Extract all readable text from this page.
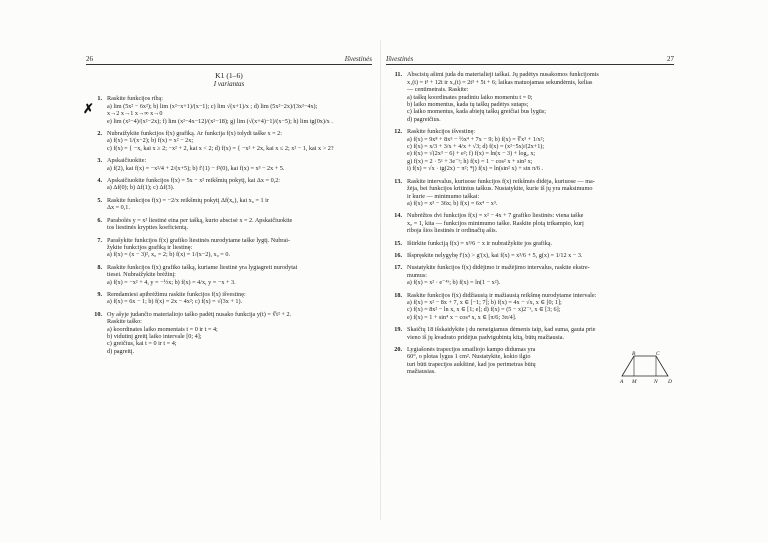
26	Išvestinės
K1 (1–6)
I variantas
✗
1. Raskite funkcijos ribą:
a) lim (5x² − 6x²); b) lim (x²−x+1)/(x−1); c) lim √(x+1)/x ; d) lim (5x²−2x)/(3x²−4x);
x→2 x→1 x→∞ x→0
e) lim (x²−4)/(x²−2x); f) lim (x²−4x−12)/(x²−18); g) lim (√(x+4)−1)/(x−5); h) lim tg(0x)/x .
2. Nubraižykite funkcijos f(x) grafiką. Ar funkcija f(x) tolydi taške x = 2:
a) f(x) = 1/(x−2); b) f(x) = x² − 2x;
c) f(x) = { −x, kai x ≥ 2; −x² + 2, kai x < 2; d) f(x) = { −x² + 2x, kai x ≤ 2; x² − 1, kai x > 2?
3. Apskaičiuokite:
a) f(2), kai f(x) = −x²/4 + 2/(x+5); b) f′(1) − f²(0), kai f(x) = x³ − 2x + 5.
4. Apskaičiuokite funkcijos f(x) = 5x − x² reikšmių pokytį, kai Δx = 0,2:
a) Δf(0); b) Δf(1); c) Δf(3).
5. Raskite funkcijos f(x) = −2/x reikšmių pokytį Δf(x₀), kai x₀ = 1 ir
Δx = 0,1.
6. Parabolės y = x² liestinė eina per tašką, kurio abscisė x = 2. Apskaičiuokite
tos liestinės krypties koeficientą.
7. Parašykite funkcijos f(x) grafiko liestinės nurodytame taške lygtį. Nubrai-
žykite funkcijos grafiką ir liestinę:
a) f(x) = (x − 3)², x₀ = 2; b) f(x) = 1/(x−2), x₀ = 0.
8. Raskite funkcijos f(x) grafiko tašką, kuriame liestinė yra lygiagreti nurodytai
tiesei. Nubraižykite brėžinį:
a) f(x) = −x² + 4, y = −½x; b) f(x) = 4/x, y = −x + 3.
9. Remdamiesi apibrėžimu raskite funkcijos f(x) išvestinę:
a) f(x) = 6x − 1; b) f(x) = 2x − 4x²; c) f(x) = √(3x + 1).
10. Oy ašyje judančio materialiojo taško padėtį nusako funkcija y(t) = ∛t² + 2.
Raskite taško:
a) koordinates laiko momentais t = 0 ir t = 4;
b) vidutinį greitį laiko intervale [0; 4];
c) greičius, kai t = 0 ir t = 4;
d) pagreitį.
Išvestinės	27
11. Abscisių ašimi juda du materialieji taškai. Jų padėtys nusakomos funkcijomis
x₁(t) = t³ + 12t ir x₂(t) = 2t³ + 5t + 6; laikas matuojamas sekundėmis, kelias
— centimetrais. Raskite:
a) taškų koordinates pradiniu laiko momentu t = 0;
b) laiko momentus, kada tų taškų padėtys sutaps;
c) laiko momentus, kada abiejų taškų greičiai bus lygūs;
d) pagreičius.
12. Raskite funkcijos išvestinę:
a) f(x) = 9x⁸ + 8x⁵ − ½x⁴ + 7x − 9; b) f(x) = ∜x³ + 1/x²;
c) f(x) = x/3 + 3/x + 4/x + √3; d) f(x) = (x²−5x)/(2x+1);
e) f(x) = √(2x³ − 6) + e²; f) f(x) = ln(x − 3) + log₂ x;
g) f(x) = 2 · 5ˣ + 3e⁻ˣ; h) f(x) = 1 − cos² x + sin² x;
i) f(x) = √x · tg(2x) − π²; *j) f(x) = ln(sin² x) + sin π/6 .
13. Raskite intervalus, kuriuose funkcijos f(x) reikšmės didėja, kuriuose — ma-
žėja, bei funkcijos kritinius taškus. Nustatykite, kurie iš jų yra maksimumo
ir kurie — minimumo taškai:
a) f(x) = x³ − 36x; b) f(x) = 6x⁴ − x³.
14. Nubrėžtos dvi funkcijos f(x) = x² − 4x + 7 grafiko liestinės: viena taške
x₀ = 1, kita — funkcijos minimumo taške. Raskite plotą trikampio, kurį
riboja šios liestinės ir ordinačių ašis.
15. Ištirkite funkciją f(x) = x³/6 − x ir nubraižykite jos grafiką.
16. Išspręskite nelygybę f′(x) > g′(x), kai f(x) = x³/6 + 5, g(x) = 1/12 x − 3.
17. Nustatykite funkcijos f(x) didėjimo ir mažėjimo intervalus, raskite ekstre-
mumus:
a) f(x) = x² · e⁻⁴ˣ; b) f(x) = ln(1 − x²).
18. Raskite funkcijos f(x) didžiausią ir mažiausią reikšmę nurodytame intervale:
a) f(x) = x² − 8x + 7, x ∈ [−1; 7]; b) f(x) = 4x − √x, x ∈ [0; 1];
c) f(x) = 8x² − ln x, x ∈ [1; e]; d) f(x) = (5 − x)2⁻ˣ, x ∈ [3; 6];
e) f(x) = 1 + sin⁴ x − cos⁴ x, x ∈ [π/6; 3π/4].
19. Skaičių 18 išskaidykite į du neneigiamus dėmenis taip, kad suma, gauta prie
vieno iš jų kvadrato pridėjus padvigubintą kitą, būtų mažiausia.
20. Lygiašonės trapecijos smailiojo kampo didumas yra
60°, o plotas lygus 1 cm². Nustatykite, kokio ilgio
turi būti trapecijos aukštinė, kad jos perimetras būtų
mažiausias.
A M	N D
B	C
